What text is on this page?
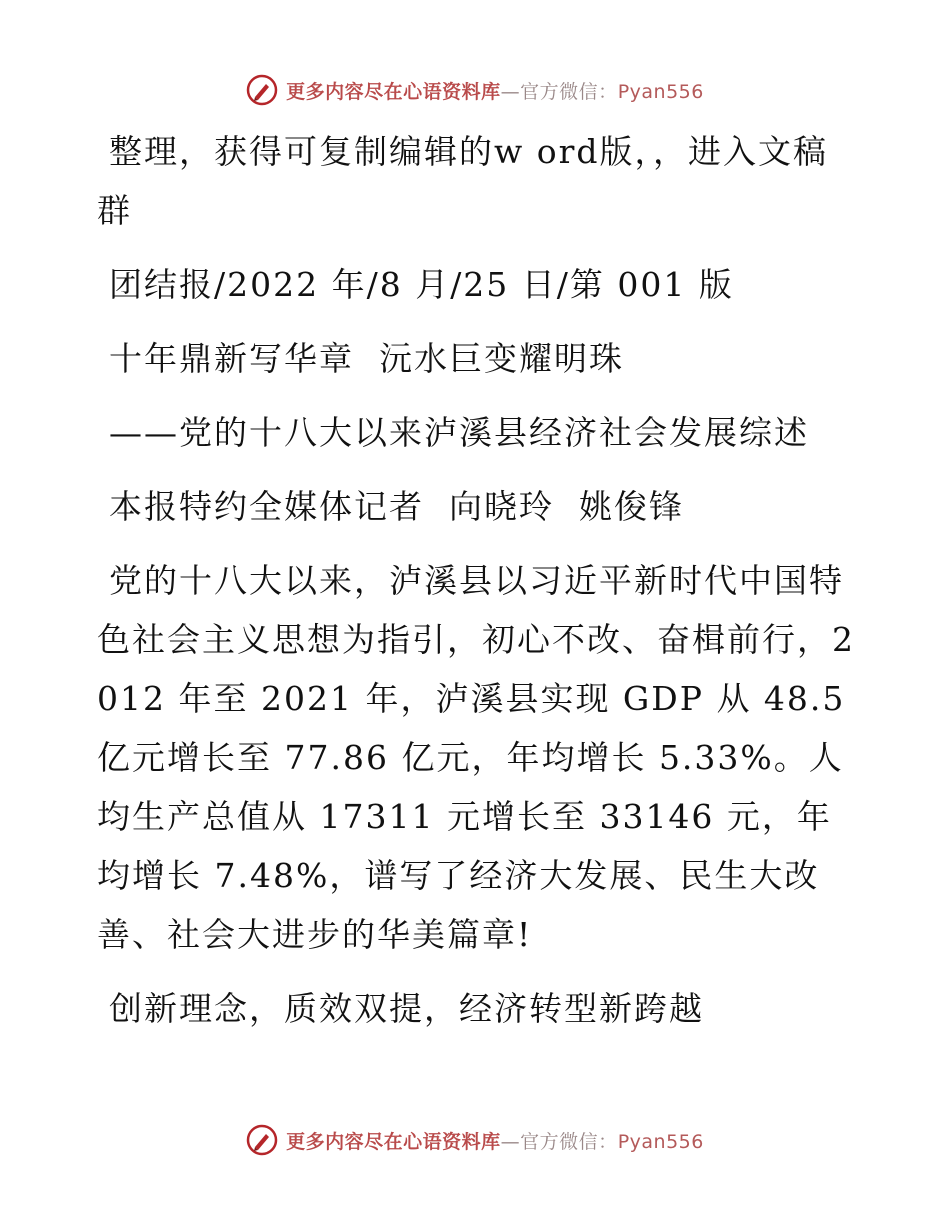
更多内容尽在心语资料库—官方微信：Pyan556

整理，获得可复制编辑的w ord版，，进入文稿群

团结报/2022 年/8 月/25 日/第 001 版

十年鼎新写华章  沅水巨变耀明珠

——党的十八大以来泸溪县经济社会发展综述

本报特约全媒体记者  向晓玲  姚俊锋

党的十八大以来，泸溪县以习近平新时代中国特色社会主义思想为指引，初心不改、奋楫前行，2012 年至 2021 年，泸溪县实现 GDP 从 48.5 亿元增长至 77.86 亿元，年均增长 5.33%。人均生产总值从 17311 元增长至 33146 元，年均增长 7.48%，谱写了经济大发展、民生大改善、社会大进步的华美篇章!

创新理念，质效双提，经济转型新跨越

更多内容尽在心语资料库—官方微信：Pyan556
